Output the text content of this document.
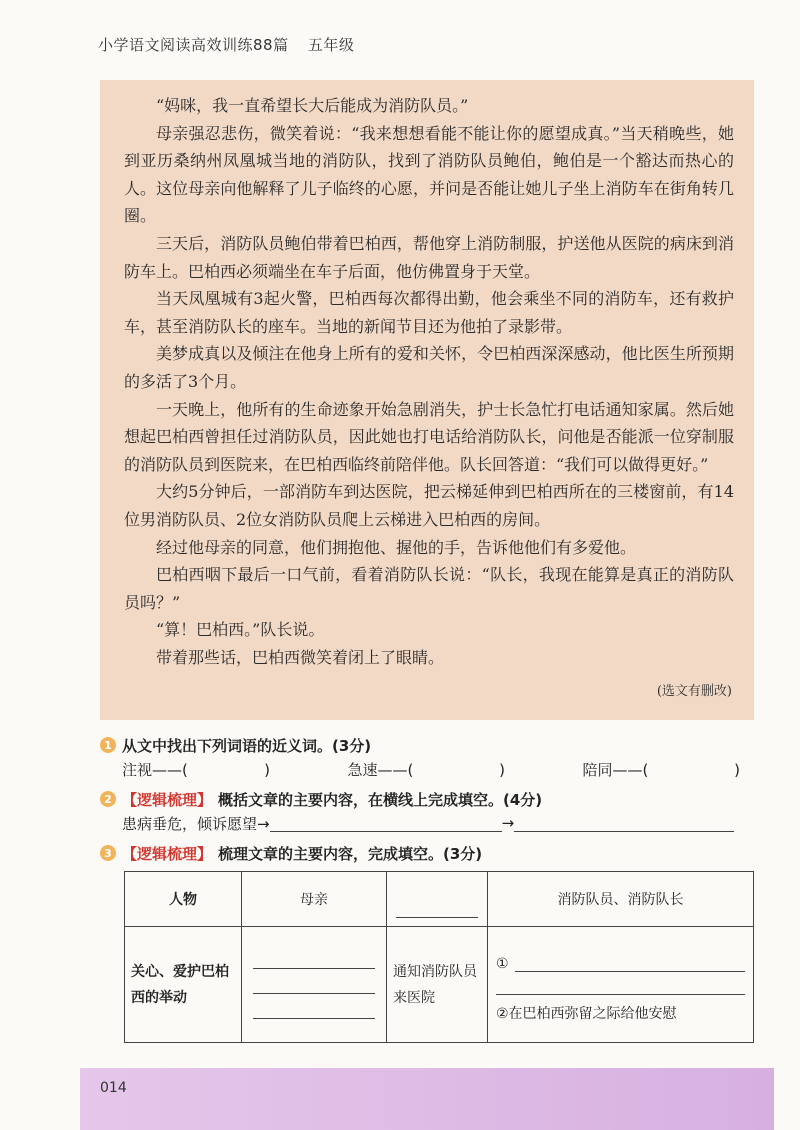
小学语文阅读高效训练88篇 五年级

“妈咪，我一直希望长大后能成为消防队员。”

母亲强忍悲伤，微笑着说：“我来想想看能不能让你的愿望成真。”当天稍晚些，她到亚历桑纳州凤凰城当地的消防队，找到了消防队员鲍伯，鲍伯是一个豁达而热心的人。这位母亲向他解释了儿子临终的心愿，并问是否能让她儿子坐上消防车在街角转几圈。

三天后，消防队员鲍伯带着巴柏西，帮他穿上消防制服，护送他从医院的病床到消防车上。巴柏西必须端坐在车子后面，他仿佛置身于天堂。

当天凤凰城有3起火警，巴柏西每次都得出勤，他会乘坐不同的消防车，还有救护车，甚至消防队长的座车。当地的新闻节目还为他拍了录影带。

美梦成真以及倾注在他身上所有的爱和关怀，令巴柏西深深感动，他比医生所预期的多活了3个月。

一天晚上，他所有的生命迹象开始急剧消失，护士长急忙打电话通知家属。然后她想起巴柏西曾担任过消防队员，因此她也打电话给消防队长，问他是否能派一位穿制服的消防队员到医院来，在巴柏西临终前陪伴他。队长回答道：“我们可以做得更好。”

大约5分钟后，一部消防车到达医院，把云梯延伸到巴柏西所在的三楼窗前，有14位男消防队员、2位女消防队员爬上云梯进入巴柏西的房间。

经过他母亲的同意，他们拥抱他、握他的手，告诉他他们有多爱他。

巴柏西咽下最后一口气前，看着消防队长说：“队长，我现在能算是真正的消防队员吗？”

“算！巴柏西。”队长说。

带着那些话，巴柏西微笑着闭上了眼睛。

(选文有删改)
1 从文中找出下列词语的近义词。(3分)
注视——(	)	急速——(	)	陪同——(	)
2 【逻辑梳理】 概括文章的主要内容，在横线上完成填空。(4分)
患病垂危，倾诉愿望→	→
3 【逻辑梳理】 梳理文章的主要内容，完成填空。(3分)
人物	母亲		消防队员、消防队长
关心、爱护巴柏西的举动		通知消防队员来医院	①
②在巴柏西弥留之际给他安慰
014
